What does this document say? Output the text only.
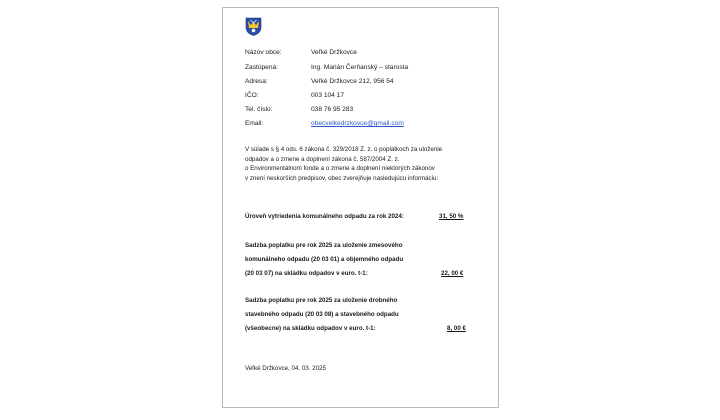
Názov obce:	Veľké Držkovce
Zastúpená:	Ing. Marián Čerňanský – starosta
Adresa:	Veľké Držkovce 212, 956 54
IČO:	003 104 17
Tel. číslo:	038 76 95 283
Email:	obecvelkedrzkovce@gmail.com

V súlade s § 4 ods. 6 zákona č. 329/2018 Z. z. o poplatkoch za uloženie

odpadov a o zmene a doplnení zákona č. 587/2004 Z. z.

o Environmentálnom fonde a o zmene a doplnení niektorých zákonov

v znení neskorších predpisov, obec zverejňuje nasledujúcu informáciu:

Úroveň vytriedenia komunálneho odpadu za rok 2024:	31, 50 %
Sadzba poplatku pre rok 2025 za uloženie zmesového
komunálneho odpadu (20 03 01) a objemného odpadu
(20 03 07) na skládku odpadov v euro. t-1:	22, 00 €
Sadzba poplatku pre rok 2025 za uloženie drobného
stavebného odpadu (20 03 08) a stavebného odpadu
(všeobecne) na skládku odpadov v euro. t-1:	8, 00 €
Veľké Držkovce, 04. 03. 2025
